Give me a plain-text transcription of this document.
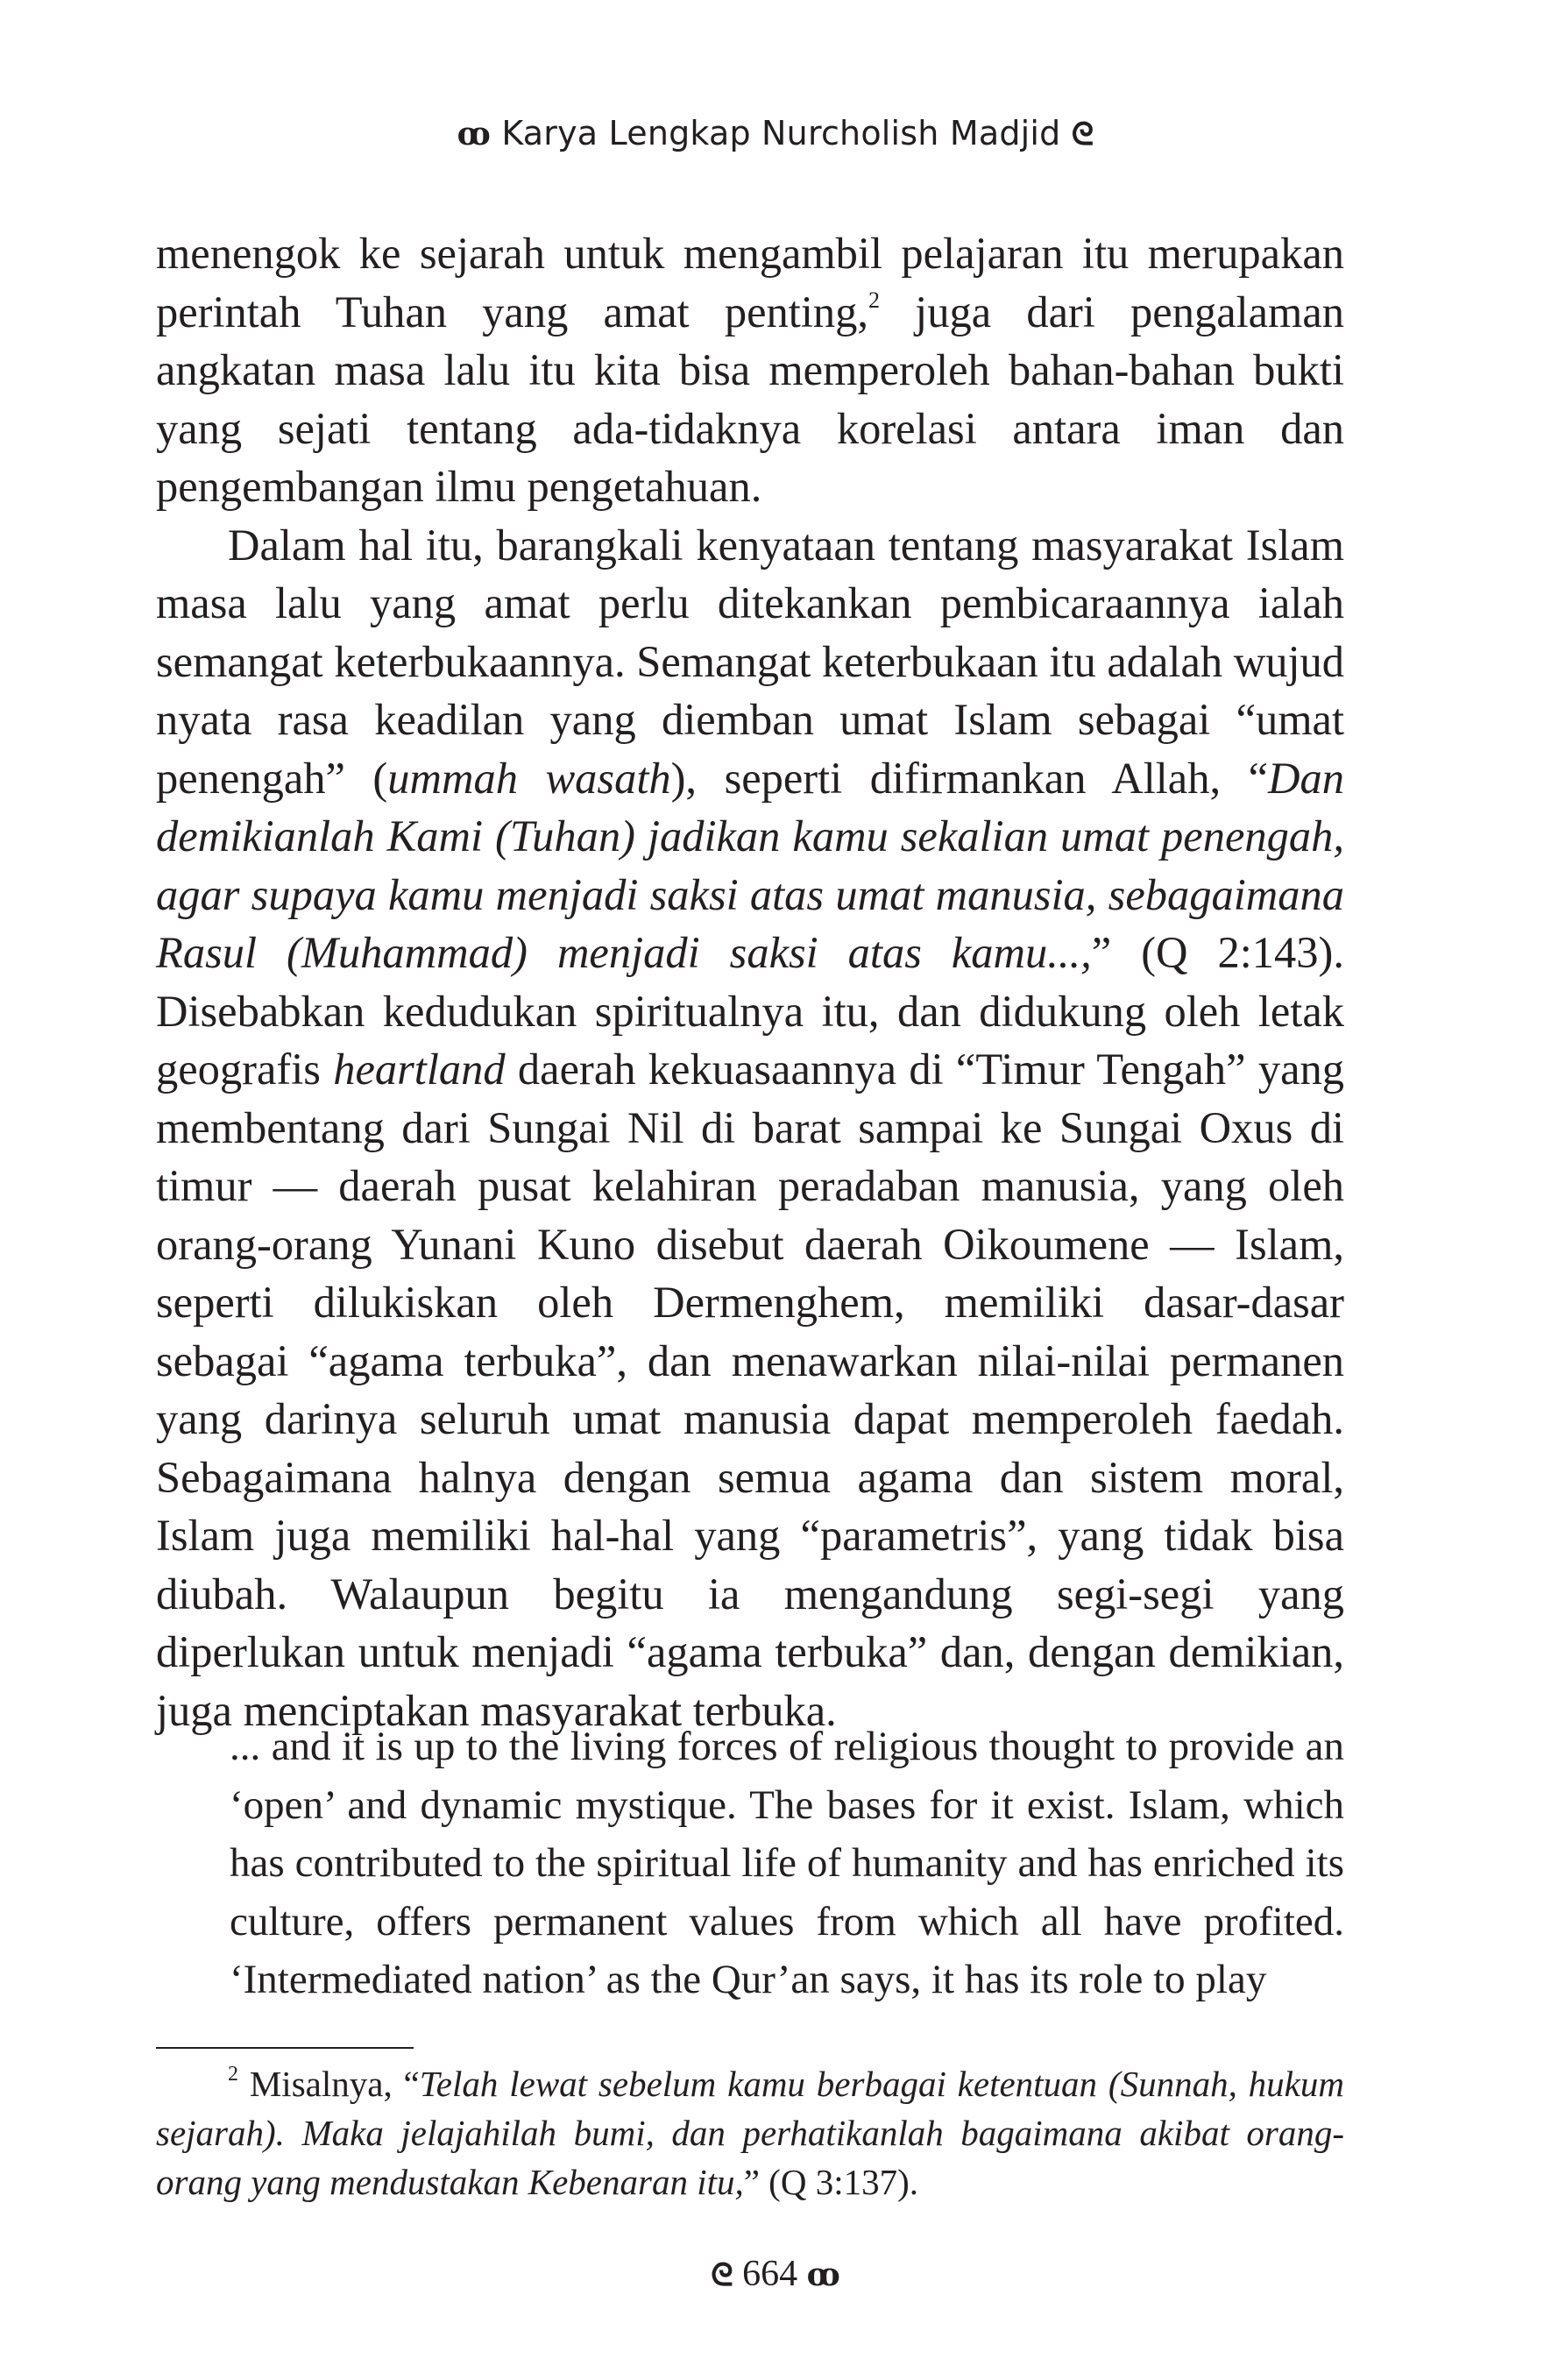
ꝏ Karya Lengkap Nurcholish Madjid ᘓ

menengok ke sejarah untuk mengambil pelajaran itu merupakan perintah Tuhan yang amat penting,$^2$ juga dari pengalaman angkatan masa lalu itu kita bisa memperoleh bahan-bahan bukti yang sejati tentang ada-tidaknya korelasi antara iman dan pengembangan ilmu pengetahuan.

Dalam hal itu, barangkali kenyataan tentang masyarakat Islam masa lalu yang amat perlu ditekankan pembicaraannya ialah semangat keterbukaannya. Semangat keterbukaan itu adalah wujud nyata rasa keadilan yang diemban umat Islam sebagai “umat penengah” (ummah wasath), seperti difirmankan Allah, “Dan demikianlah Kami (Tuhan) jadikan kamu sekalian umat penengah, agar supaya kamu menjadi saksi atas umat manusia, sebagaimana Rasul (Muhammad) menjadi saksi atas kamu...,” (Q 2:143). Disebabkan kedudukan spiritualnya itu, dan didukung oleh letak geografis heartland daerah kekuasaannya di “Timur Tengah” yang membentang dari Sungai Nil di barat sampai ke Sungai Oxus di timur — daerah pusat kelahiran peradaban manusia, yang oleh orang-orang Yunani Kuno disebut daerah Oikoumene — Islam, seperti dilukiskan oleh Dermenghem, memiliki dasar-dasar sebagai “agama terbuka”, dan menawarkan nilai-nilai permanen yang darinya seluruh umat manusia dapat memperoleh faedah. Sebagaimana halnya dengan semua agama dan sistem moral, Islam juga memiliki hal-hal yang “parametris”, yang tidak bisa diubah. Walaupun begitu ia mengandung segi-segi yang diperlukan untuk menjadi “agama terbuka” dan, dengan demikian, juga menciptakan masyarakat terbuka.

... and it is up to the living forces of religious thought to provide an ‘open’ and dynamic mystique. The bases for it exist. Islam, which has contributed to the spiritual life of humanity and has enriched its culture, offers permanent values from which all have profited. ‘Intermediated nation’ as the Qur’an says, it has its role to play

$^2$ Misalnya, “Telah lewat sebelum kamu berbagai ketentuan (Sunnah, hukum sejarah). Maka jelajahilah bumi, dan perhatikanlah bagaimana akibat orang-orang yang mendustakan Kebenaran itu,” (Q 3:137).

ᘓ 664 ꝏ
